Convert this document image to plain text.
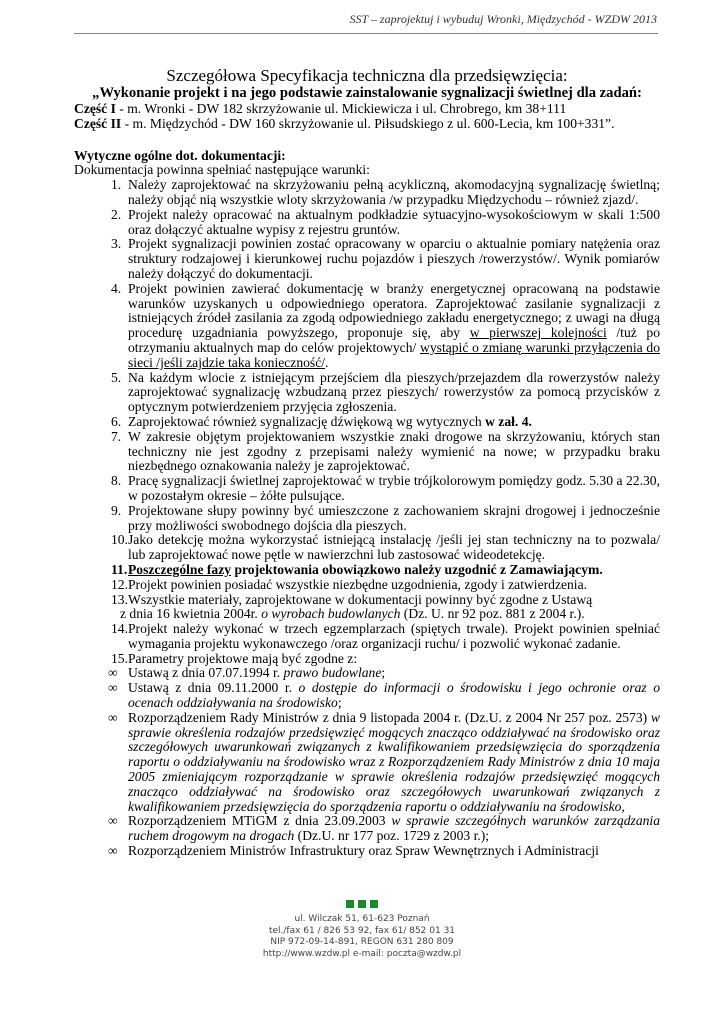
SST – zaprojektuj i wybuduj Wronki, Międzychód - WZDW 2013
Szczegółowa Specyfikacja techniczna dla przedsięwzięcia:
„Wykonanie projekt i na jego podstawie zainstalowanie sygnalizacji świetlnej dla zadań:
Część I - m. Wronki - DW 182 skrzyżowanie ul. Mickiewicza i ul. Chrobrego, km 38+111
Część II - m. Międzychód - DW 160 skrzyżowanie ul. Piłsudskiego z ul. 600-Lecia, km 100+331”.
Wytyczne ogólne dot. dokumentacji:
Dokumentacja powinna spełniać następujące warunki:
1. Należy zaprojektować na skrzyżowaniu pełną acykliczną, akomodacyjną sygnalizację świetlną; należy objąć nią wszystkie wloty skrzyżowania /w przypadku Międzychodu – również zjazd/.
2. Projekt należy opracować na aktualnym podkładzie sytuacyjno-wysokościowym w skali 1:500 oraz dołączyć aktualne wypisy z rejestru gruntów.
3. Projekt sygnalizacji powinien zostać opracowany w oparciu o aktualnie pomiary natężenia oraz struktury rodzajowej i kierunkowej ruchu pojazdów i pieszych /rowerzystów/. Wynik pomiarów należy dołączyć do dokumentacji.
4. Projekt powinien zawierać dokumentację w branży energetycznej opracowaną na podstawie warunków uzyskanych u odpowiedniego operatora. Zaprojektować zasilanie sygnalizacji z istniejących źródeł zasilania za zgodą odpowiedniego zakładu energetycznego; z uwagi na długą procedurę uzgadniania powyższego, proponuje się, aby w pierwszej kolejności /tuż po otrzymaniu aktualnych map do celów projektowych/ wystąpić o zmianę warunki przyłączenia do sieci /jeśli zajdzie taka konieczność/.
5. Na każdym wlocie z istniejącym przejściem dla pieszych/przejazdem dla rowerzystów należy zaprojektować sygnalizację wzbudzaną przez pieszych/ rowerzystów za pomocą przycisków z optycznym potwierdzeniem przyjęcia zgłoszenia.
6. Zaprojektować również sygnalizację dźwiękową wg wytycznych w zał. 4.
7. W zakresie objętym projektowaniem wszystkie znaki drogowe na skrzyżowaniu, których stan techniczny nie jest zgodny z przepisami należy wymienić na nowe; w przypadku braku niezbędnego oznakowania należy je zaprojektować.
8. Pracę sygnalizacji świetlnej zaprojektować w trybie trójkolorowym pomiędzy godz. 5.30 a 22.30, w pozostałym okresie – żółte pulsujące.
9. Projektowane słupy powinny być umieszczone z zachowaniem skrajni drogowej i jednocześnie przy możliwości swobodnego dojścia dla pieszych.
10. Jako detekcję można wykorzystać istniejącą instalację /jeśli jej stan techniczny na to pozwala/ lub zaprojektować nowe pętle w nawierzchni lub zastosować wideodetekcję.
11. Poszczególne fazy projektowania obowiązkowo należy uzgodnić z Zamawiającym.
12. Projekt powinien posiadać wszystkie niezbędne uzgodnienia, zgody i zatwierdzenia.
13. Wszystkie materiały, zaprojektowane w dokumentacji powinny być zgodne z Ustawą
z dnia 16 kwietnia 2004r. o wyrobach budowlanych (Dz. U. nr 92 poz. 881 z 2004 r.).
14. Projekt należy wykonać w trzech egzemplarzach (spiętych trwale). Projekt powinien spełniać wymagania projektu wykonawczego /oraz organizacji ruchu/ i pozwolić wykonać zadanie.
15. Parametry projektowe mają być zgodne z:
∞ Ustawą z dnia 07.07.1994 r. prawo budowlane;
∞ Ustawą z dnia 09.11.2000 r. o dostępie do informacji o środowisku i jego ochronie oraz o ocenach oddziaływania na środowisko;
∞ Rozporządzeniem Rady Ministrów z dnia 9 listopada 2004 r. (Dz.U. z 2004 Nr 257 poz. 2573) w sprawie określenia rodzajów przedsięwzięć mogących znacząco oddziaływać na środowisko oraz szczegółowych uwarunkowań związanych z kwalifikowaniem przedsięwzięcia do sporządzenia raportu o oddziaływaniu na środowisko wraz z Rozporządzeniem Rady Ministrów z dnia 10 maja 2005 zmieniającym rozporządzanie w sprawie określenia rodzajów przedsięwzięć mogących znacząco oddziaływać na środowisko oraz szczegółowych uwarunkowań związanych z kwalifikowaniem przedsięwzięcia do sporządzenia raportu o oddziaływaniu na środowisko,
∞ Rozporządzeniem MTiGM z dnia 23.09.2003 w sprawie szczegółnych warunków zarządzania ruchem drogowym na drogach (Dz.U. nr 177 poz. 1729 z 2003 r.);
∞ Rozporządzeniem Ministrów Infrastruktury oraz Spraw Wewnętrznych i Administracji
ul. Wilczak 51, 61-623 Poznań
tel./fax 61 / 826 53 92, fax 61/ 852 01 31
NIP 972-09-14-891, REGON 631 280 809
http://www.wzdw.pl e-mail: poczta@wzdw.pl
